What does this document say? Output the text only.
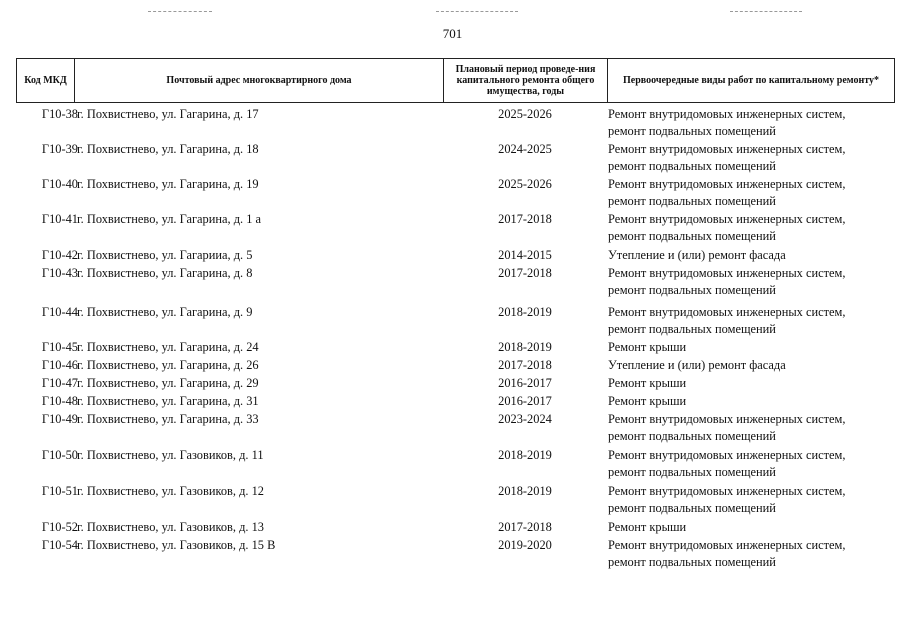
701
Код МКД	Почтовый адрес многоквартирного дома	Плановый период проведе-ния капитального ремонта общего имущества, годы	Первоочередные виды работ по капитальному ремонту*
Г10-38 г. Похвистнево, ул. Гагарина, д. 17	2025-2026	Ремонт внутридомовых инженерных систем,
ремонт подвальных помещений
Г10-39 г. Похвистнево, ул. Гагарина, д. 18	2024-2025	Ремонт внутридомовых инженерных систем,
ремонт подвальных помещений
Г10-40 г. Похвистнево, ул. Гагарина, д. 19	2025-2026	Ремонт внутридомовых инженерных систем,
ремонт подвальных помещений
Г10-41 г. Похвистнево, ул. Гагарина, д. 1 а	2017-2018	Ремонт внутридомовых инженерных систем,
ремонт подвальных помещений
Г10-42 г. Похвистнево, ул. Гагарииа, д. 5	2014-2015	Утепление и (или) ремонт фасада
Г10-43 г. Похвистнево, ул. Гагарина, д. 8	2017-2018	Ремонт внутридомовых инженерных систем,
ремонт подвальных помещений
Г10-44 г. Похвистнево, ул. Гагарина, д. 9	2018-2019	Ремонт внутридомовых инженерных систем,
ремонт подвальных помещений
Г10-45 г. Похвистнево, ул. Гагарина, д. 24	2018-2019	Ремонт крыши
Г10-46 г. Похвистнево, ул. Гагарина, д. 26	2017-2018	Утепление и (или) ремонт фасада
Г10-47 г. Похвистнево, ул. Гагарина, д. 29	2016-2017	Ремонт крыши
Г10-48 г. Похвистнево, ул. Гагарина, д. 31	2016-2017	Ремонт крыши
Г10-49 г. Похвистнево, ул. Гагарина, д. 33	2023-2024	Ремонт внутридомовых инженерных систем,
ремонт подвальных помещений
Г10-50 г. Похвистнево, ул. Газовиков, д. 11	2018-2019	Ремонт внутридомовых инженерных систем,
ремонт подвальных помещений
Г10-51 г. Похвистнево, ул. Газовиков, д. 12	2018-2019	Ремонт внутридомовых инженерных систем,
ремонт подвальных помещений
Г10-52 г. Похвистнево, ул. Газовиков, д. 13	2017-2018	Ремонт крыши
Г10-54 г. Похвистнево, ул. Газовиков, д. 15 В	2019-2020	Ремонт внутридомовых инженерных систем,
ремонт подвальных помещений
